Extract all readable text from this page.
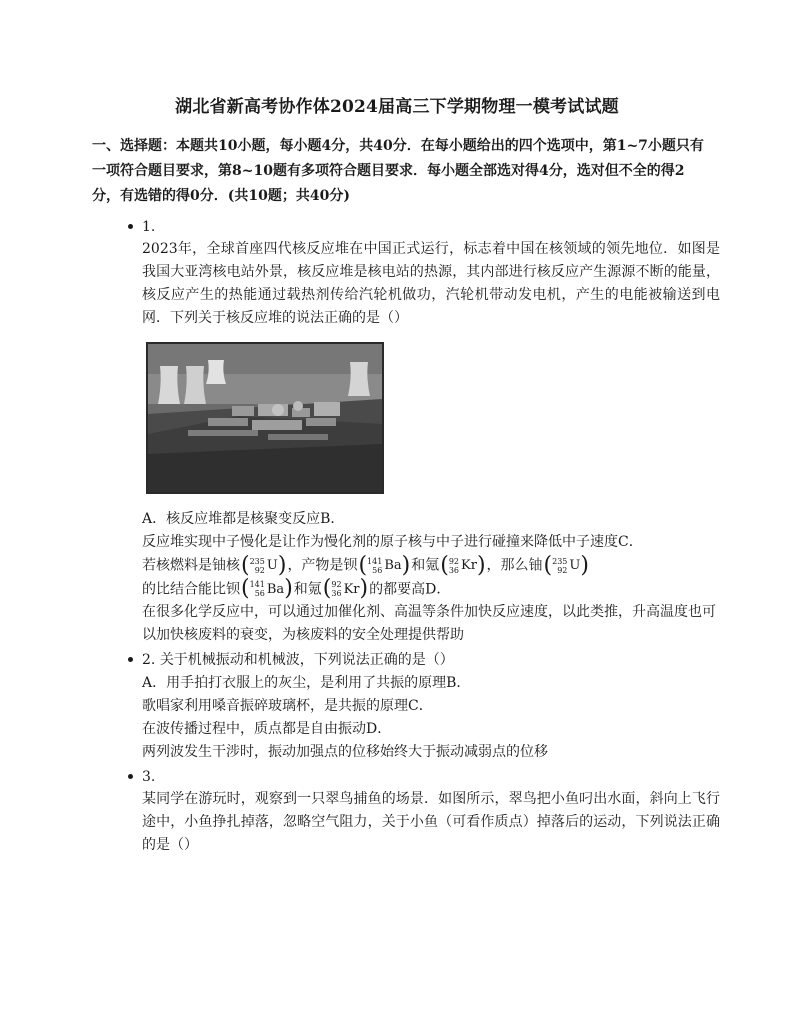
湖北省新高考协作体2024届高三下学期物理一模考试试题
一、选择题：本题共10小题，每小题4分，共40分．在每小题给出的四个选项中，第1~7小题只有一项符合题目要求，第8~10题有多项符合题目要求．每小题全部选对得4分，选对但不全的得2分，有选错的得0分．(共10题；共40分)
1.
2023年，全球首座四代核反应堆在中国正式运行，标志着中国在核领域的领先地位．如图是我国大亚湾核电站外景，核反应堆是核电站的热源，其内部进行核反应产生源源不断的能量，核反应产生的热能通过载热剂传给汽轮机做功，汽轮机带动发电机，产生的电能被输送到电网．下列关于核反应堆的说法正确的是（）
A．核反应堆都是核聚变反应B．
反应堆实现中子慢化是让作为慢化剂的原子核与中子进行碰撞来降低中子速度C．
若核燃料是铀核 ( 235
92 U ) ，产物是钡 ( 141
56 Ba ) 和氪 ( 92
36 Kr ) ，那么铀 ( 235
92 U )
的比结合能比钡 ( 141
56 Ba ) 和氪 ( 92
36 Kr ) 的都要高D．
在很多化学反应中，可以通过加催化剂、高温等条件加快反应速度，以此类推，升高温度也可以加快核废料的衰变，为核废料的安全处理提供帮助
2. 关于机械振动和机械波，下列说法正确的是（）
A．用手拍打衣服上的灰尘，是利用了共振的原理B．
歌唱家利用嗓音振碎玻璃杯，是共振的原理C．
在波传播过程中，质点都是自由振动D．
两列波发生干涉时，振动加强点的位移始终大于振动减弱点的位移
3.
某同学在游玩时，观察到一只翠鸟捕鱼的场景．如图所示，翠鸟把小鱼叼出水面，斜向上飞行途中，小鱼挣扎掉落，忽略空气阻力，关于小鱼（可看作质点）掉落后的运动，下列说法正确的是（）
